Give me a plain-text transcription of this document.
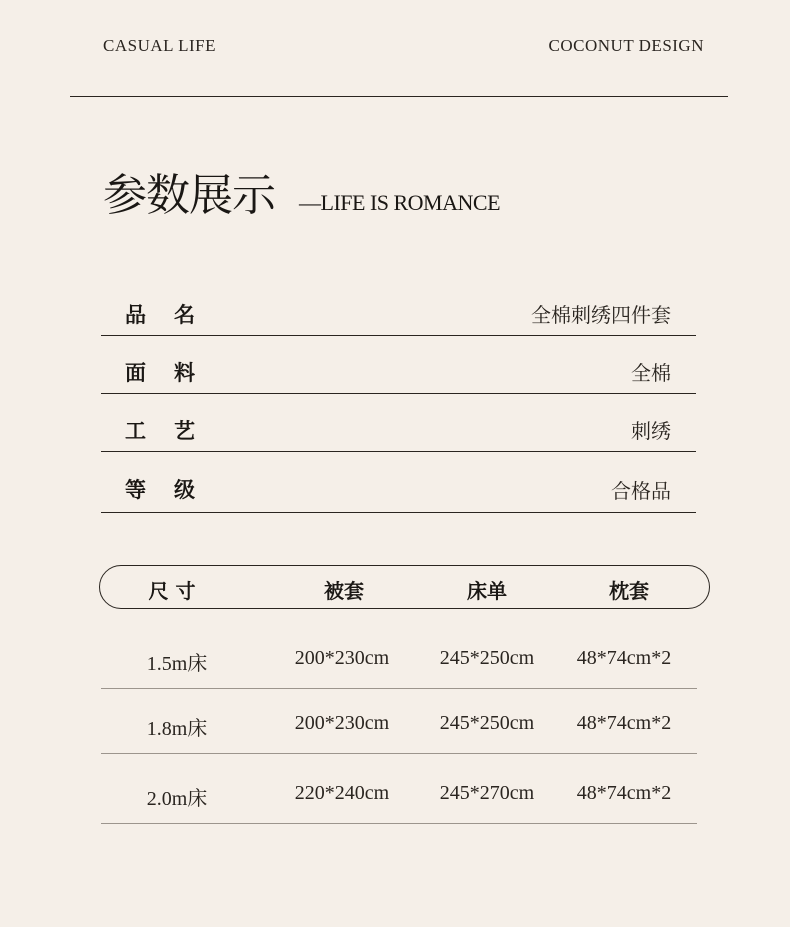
CASUAL LIFE	COCONUT DESIGN
参数展示 —LIFE IS ROMANCE
品名	全棉刺绣四件套
面料	全棉
工艺	刺绣
等级	合格品
尺 寸	被套	床单	枕套
1.5m床	200*230cm	245*250cm 48*74cm*2
1.8m床	200*230cm	245*250cm 48*74cm*2
2.0m床	220*240cm	245*270cm 48*74cm*2
